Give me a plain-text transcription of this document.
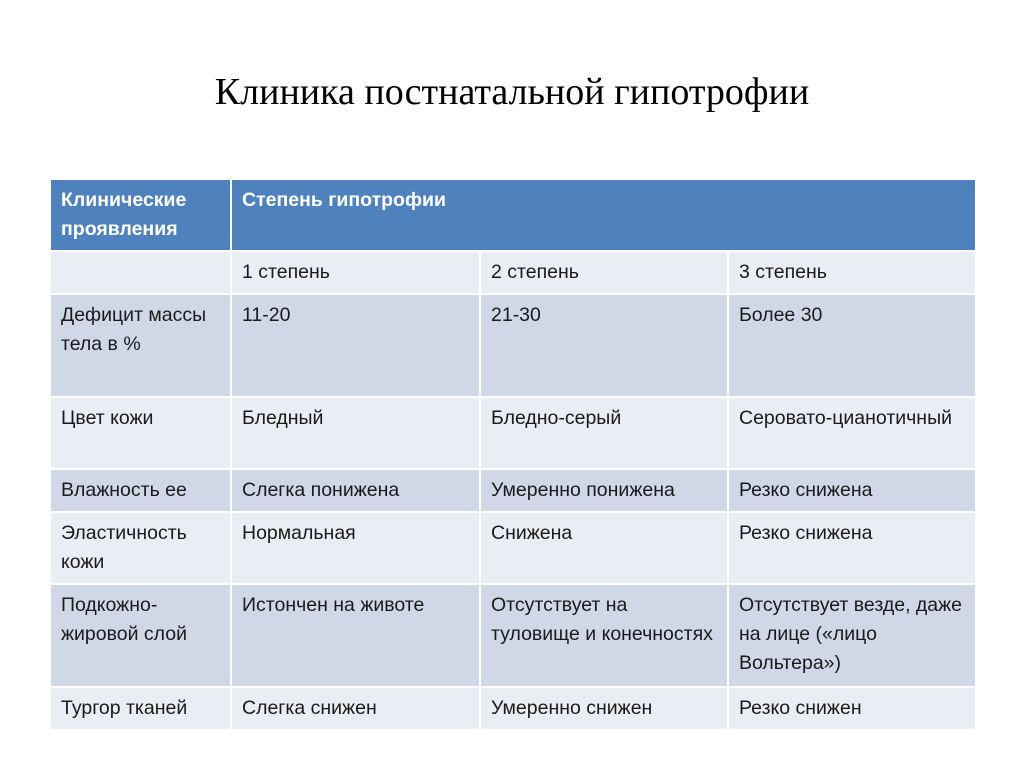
Клиника постнатальной гипотрофии
Клинические проявления	Степень гипотрофии		
	1 степень	2 степень	3 степень
Дефицит массы тела в %	11-20	21-30	Более 30
Цвет кожи	Бледный	Бледно-серый	Серовато-цианотичный
Влажность ее	Слегка понижена	Умеренно понижена	Резко снижена
Эластичность кожи	Нормальная	Снижена	Резко снижена
Подкожно-жировой слой	Истончен на животе	Отсутствует на туловище и конечностях	Отсутствует везде, даже на лице («лицо Вольтера»)
Тургор тканей	Слегка снижен	Умеренно снижен	Резко снижен
